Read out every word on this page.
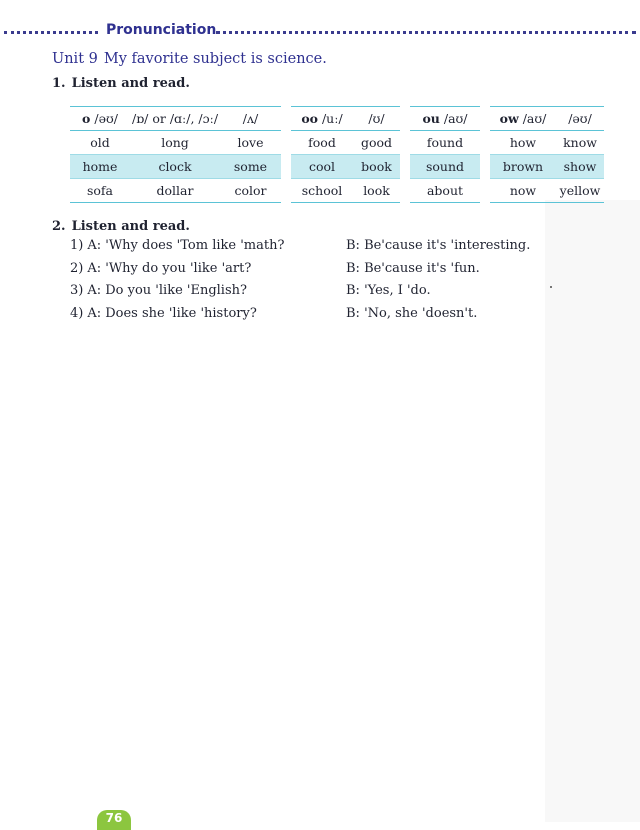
Pronunciation
Unit 9 My favorite subject is science.
1. Listen and read.
o /əʊ/	/ɒ/ or /ɑː/, /ɔː/	/ʌ/
old	long	love
home	clock	some
sofa	dollar	color
oo /uː/	/ʊ/
food	good
cool	book
school	look
ou /aʊ/
found
sound
about
ow /aʊ/	/əʊ/
how	know
brown	show
now	yellow
2. Listen and read.
1) A: 'Why does 'Tom like 'math?	B: Be'cause it's 'interesting.
2) A: 'Why do you 'like 'art?	B: Be'cause it's 'fun.
3) A: Do you 'like 'English?	B: 'Yes, I 'do.
4) A: Does she 'like 'history?	B: 'No, she 'doesn't.
76
